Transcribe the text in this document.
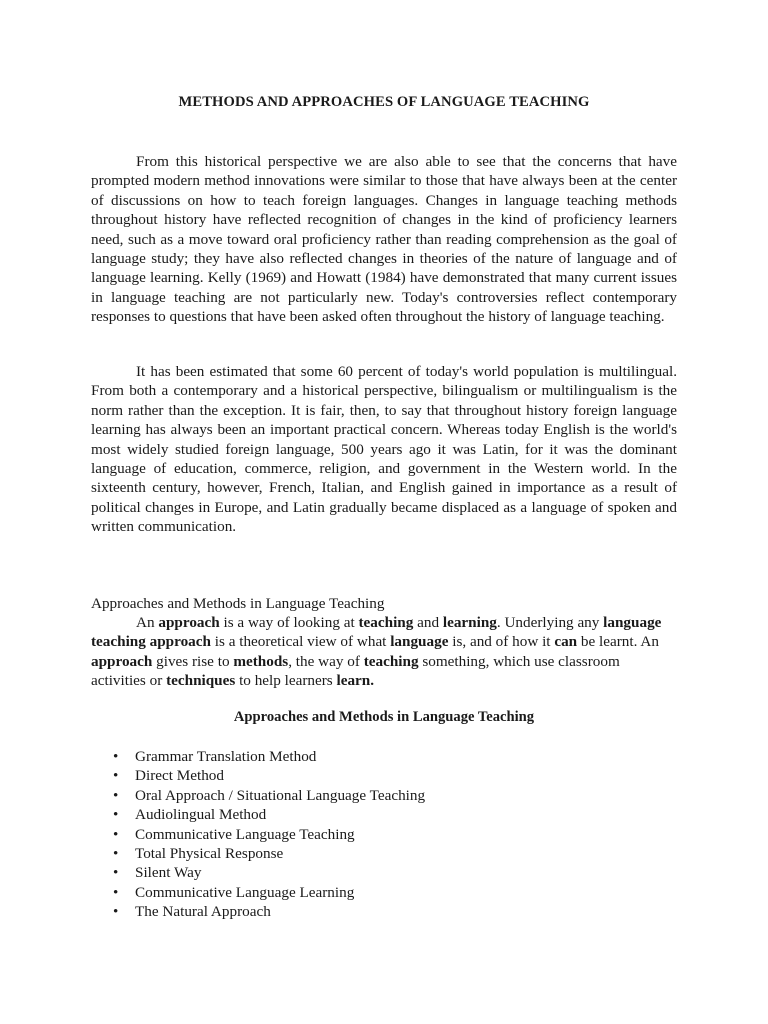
METHODS AND APPROACHES OF LANGUAGE TEACHING

From this historical perspective we are also able to see that the concerns that have prompted modern method innovations were similar to those that have always been at the center of discussions on how to teach foreign languages. Changes in language teaching methods throughout history have reflected recognition of changes in the kind of proficiency learners need, such as a move toward oral proficiency rather than reading comprehension as the goal of language study; they have also reflected changes in theories of the nature of language and of language learning. Kelly (1969) and Howatt (1984) have demonstrated that many current issues in language teaching are not particularly new. Today's controversies reflect contemporary responses to questions that have been asked often throughout the history of language teaching.

It has been estimated that some 60 percent of today's world population is multilingual. From both a contemporary and a historical perspective, bilingualism or multilingualism is the norm rather than the exception. It is fair, then, to say that throughout history foreign language learning has always been an important practical concern. Whereas today English is the world's most widely studied foreign language, 500 years ago it was Latin, for it was the dominant language of education, commerce, religion, and government in the Western world. In the sixteenth century, however, French, Italian, and English gained in importance as a result of political changes in Europe, and Latin gradually became displaced as a language of spoken and written communication.

Approaches and Methods in Language Teaching

An approach is a way of looking at teaching and learning. Underlying any language teaching approach is a theoretical view of what language is, and of how it can be learnt. An approach gives rise to methods, the way of teaching something, which use classroom activities or techniques to help learners learn.

Approaches and Methods in Language Teaching
• Grammar Translation Method
• Direct Method
• Oral Approach / Situational Language Teaching
• Audiolingual Method
• Communicative Language Teaching
• Total Physical Response
• Silent Way
• Communicative Language Learning
• The Natural Approach
